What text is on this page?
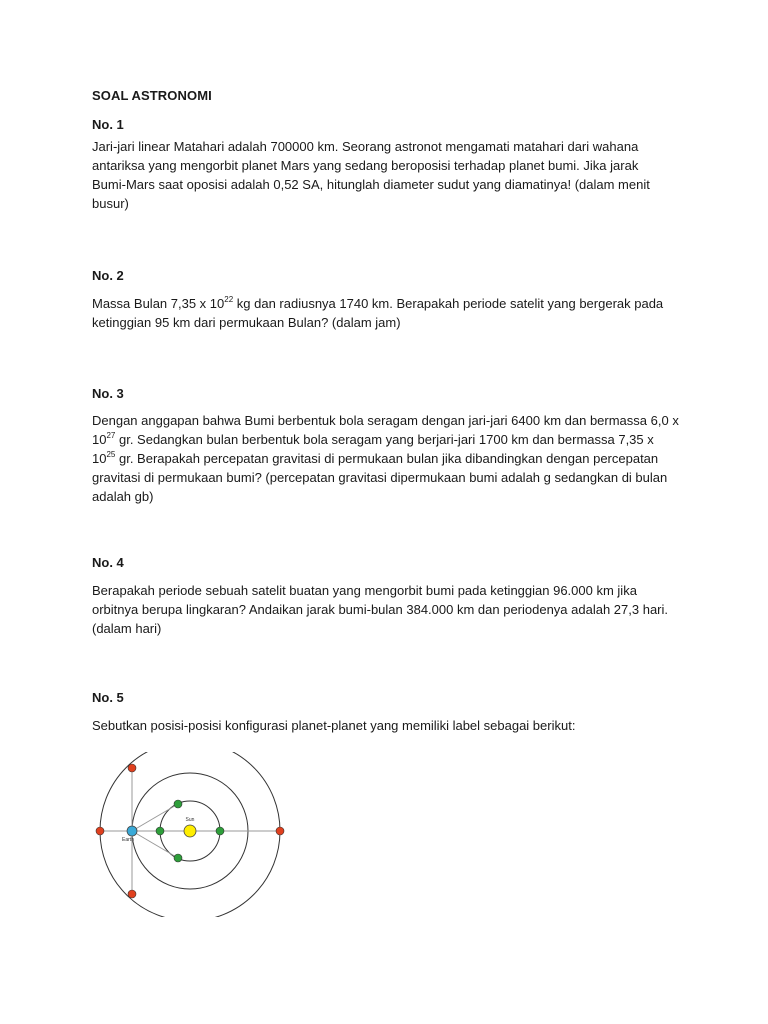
SOAL ASTRONOMI
No. 1

Jari-jari linear Matahari adalah 700000 km. Seorang astronot mengamati matahari dari wahana

antariksa yang mengorbit planet Mars yang sedang beroposisi terhadap planet bumi. Jika jarak

Bumi-Mars saat oposisi adalah 0,52 SA, hitunglah diameter sudut yang diamatinya! (dalam menit

busur)

No. 2

Massa Bulan 7,35 x $10^{22}$ kg dan radiusnya 1740 km. Berapakah periode satelit yang bergerak pada

ketinggian 95 km dari permukaan Bulan? (dalam jam)

No. 3

Dengan anggapan bahwa Bumi berbentuk bola seragam dengan jari-jari 6400 km dan bermassa 6,0 x

$10^{27}$ gr. Sedangkan bulan berbentuk bola seragam yang berjari-jari 1700 km dan bermassa 7,35 x

$10^{25}$ gr. Berapakah percepatan gravitasi di permukaan bulan jika dibandingkan dengan percepatan

gravitasi di permukaan bumi? (percepatan gravitasi dipermukaan bumi adalah g sedangkan di bulan

adalah gb)

No. 4

Berapakah periode sebuah satelit buatan yang mengorbit bumi pada ketinggian 96.000 km jika

orbitnya berupa lingkaran? Andaikan jarak bumi-bulan 384.000 km dan periodenya adalah 27,3 hari.

(dalam hari)

No. 5

Sebutkan posisi-posisi konfigurasi planet-planet yang memiliki label sebagai berikut:

Sun
Earth
